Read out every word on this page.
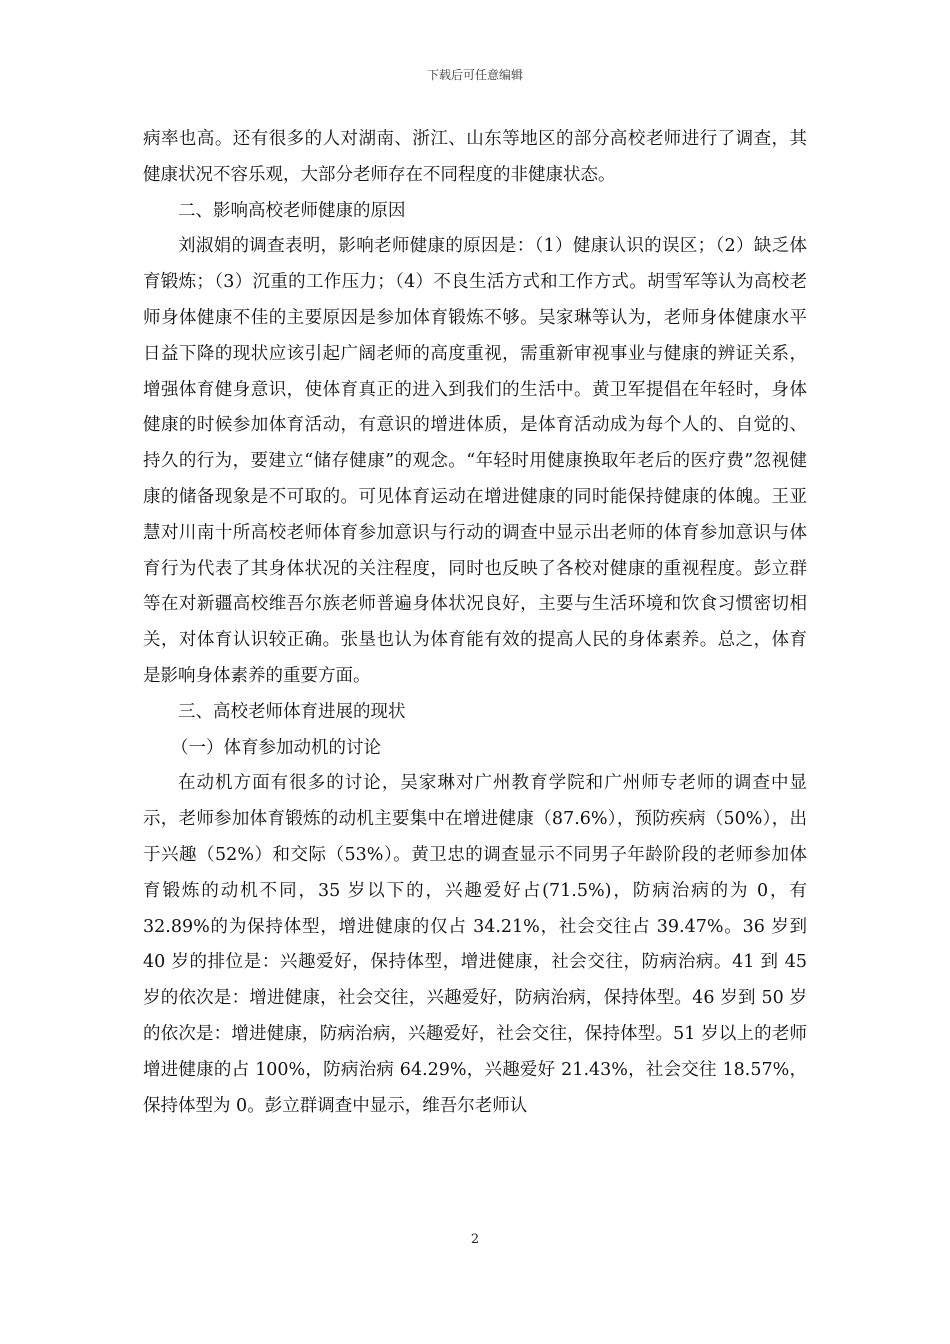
下载后可任意编辑

病率也高。还有很多的人对湖南、浙江、山东等地区的部分高校老师进行了调查，其健康状况不容乐观，大部分老师存在不同程度的非健康状态。

二、影响高校老师健康的原因

刘淑娟的调查表明，影响老师健康的原因是：（1）健康认识的误区；（2）缺乏体育锻炼；（3）沉重的工作压力；（4）不良生活方式和工作方式。胡雪军等认为高校老师身体健康不佳的主要原因是参加体育锻炼不够。吴家琳等认为，老师身体健康水平日益下降的现状应该引起广阔老师的高度重视，需重新审视事业与健康的辨证关系，增强体育健身意识，使体育真正的进入到我们的生活中。黄卫军提倡在年轻时，身体健康的时候参加体育活动，有意识的增进体质，是体育活动成为每个人的、自觉的、持久的行为，要建立“储存健康”的观念。“年轻时用健康换取年老后的医疗费”忽视健康的储备现象是不可取的。可见体育运动在增进健康的同时能保持健康的体魄。王亚慧对川南十所高校老师体育参加意识与行动的调查中显示出老师的体育参加意识与体育行为代表了其身体状况的关注程度，同时也反映了各校对健康的重视程度。彭立群等在对新疆高校维吾尔族老师普遍身体状况良好，主要与生活环境和饮食习惯密切相关，对体育认识较正确。张垦也认为体育能有效的提高人民的身体素养。总之，体育是影响身体素养的重要方面。

三、高校老师体育进展的现状

（一）体育参加动机的讨论

在动机方面有很多的讨论，吴家琳对广州教育学院和广州师专老师的调查中显示，老师参加体育锻炼的动机主要集中在增进健康（87.6%），预防疾病（50%），出于兴趣（52%）和交际（53%）。黄卫忠的调查显示不同男子年龄阶段的老师参加体育锻炼的动机不同，35 岁以下的，兴趣爱好占(71.5%)，防病治病的为 0，有 32.89%的为保持体型，增进健康的仅占 34.21%，社会交往占 39.47%。36 岁到 40 岁的排位是：兴趣爱好，保持体型，增进健康，社会交往，防病治病。41 到 45 岁的依次是：增进健康，社会交往，兴趣爱好，防病治病，保持体型。46 岁到 50 岁的依次是：增进健康，防病治病，兴趣爱好，社会交往，保持体型。51 岁以上的老师增进健康的占 100%，防病治病 64.29%，兴趣爱好 21.43%，社会交往 18.57%，保持体型为 0。彭立群调查中显示，维吾尔老师认

2
